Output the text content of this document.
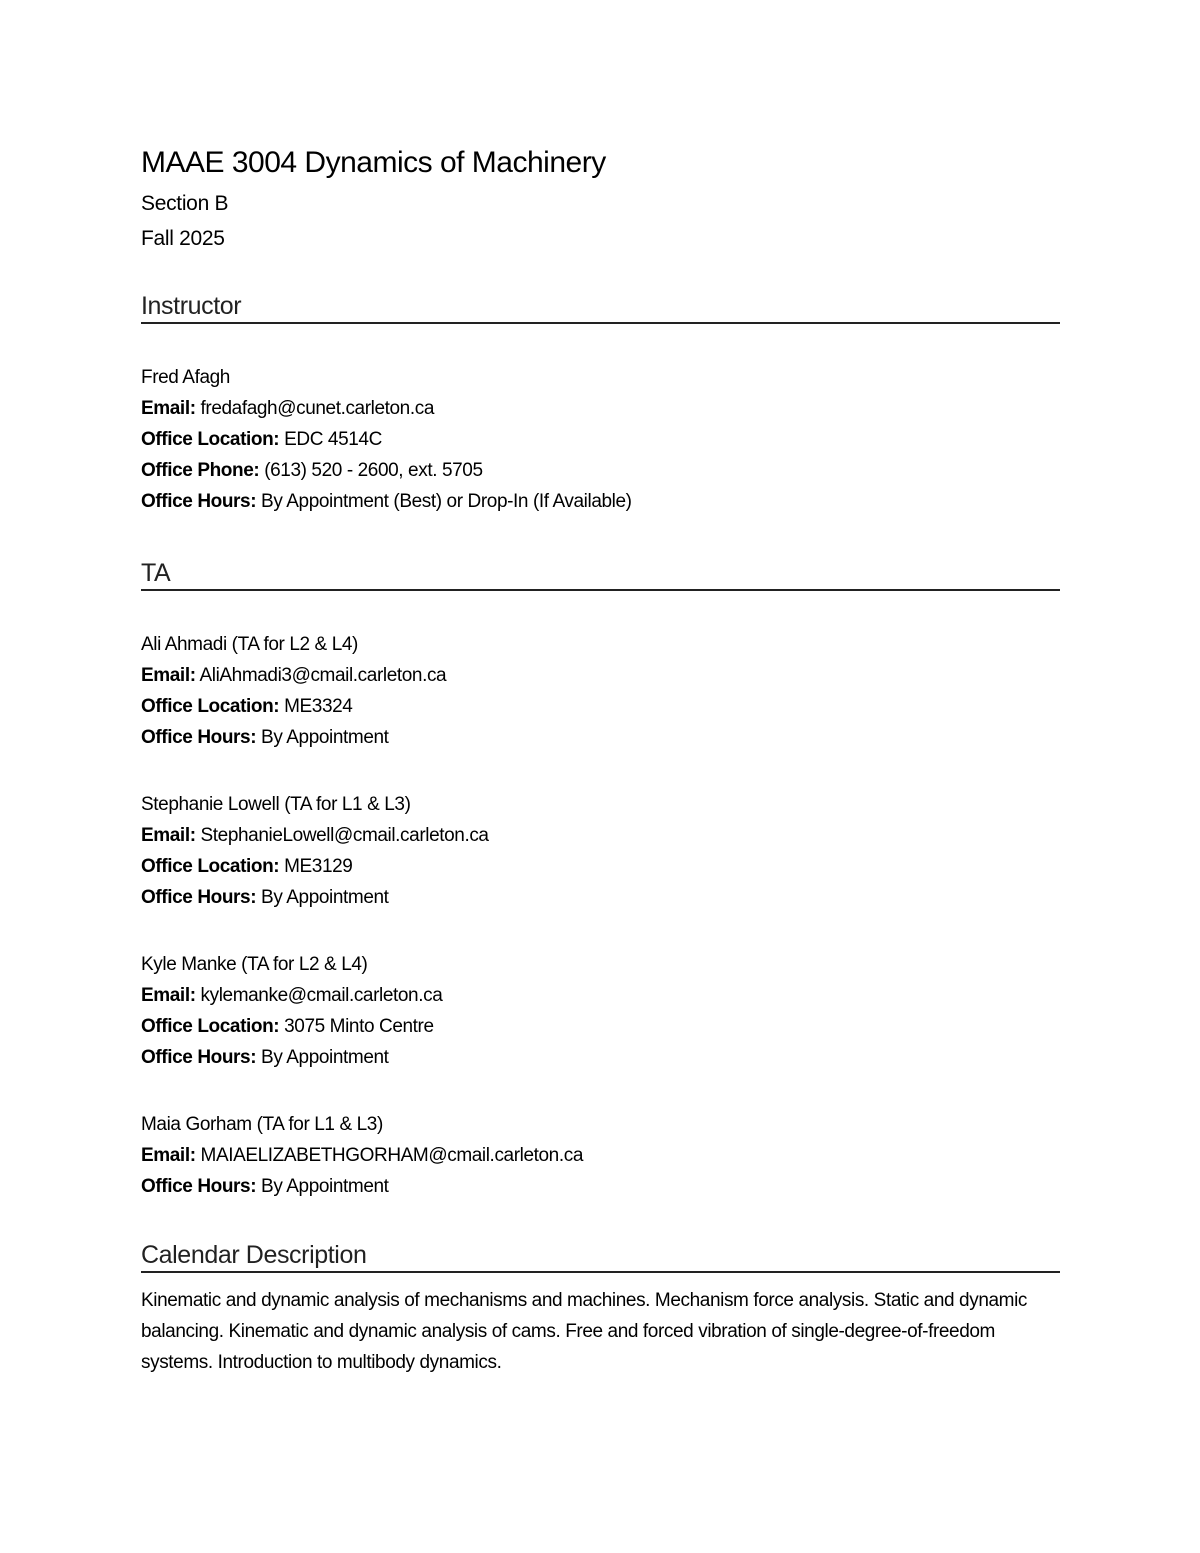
MAAE 3004 Dynamics of Machinery
Section B
Fall 2025
Instructor
Fred Afagh
Email: fredafagh@cunet.carleton.ca
Office Location: EDC 4514C
Office Phone: (613) 520 - 2600, ext. 5705
Office Hours: By Appointment (Best) or Drop-In (If Available)
TA
Ali Ahmadi (TA for L2 & L4)
Email: AliAhmadi3@cmail.carleton.ca
Office Location: ME3324
Office Hours: By Appointment
Stephanie Lowell (TA for L1 & L3)
Email: StephanieLowell@cmail.carleton.ca
Office Location: ME3129
Office Hours: By Appointment
Kyle Manke (TA for L2 & L4)
Email: kylemanke@cmail.carleton.ca
Office Location: 3075 Minto Centre
Office Hours: By Appointment
Maia Gorham (TA for L1 & L3)
Email: MAIAELIZABETHGORHAM@cmail.carleton.ca
Office Hours: By Appointment
Calendar Description
Kinematic and dynamic analysis of mechanisms and machines. Mechanism force analysis. Static and dynamic balancing. Kinematic and dynamic analysis of cams. Free and forced vibration of single-degree-of-freedom systems. Introduction to multibody dynamics.
